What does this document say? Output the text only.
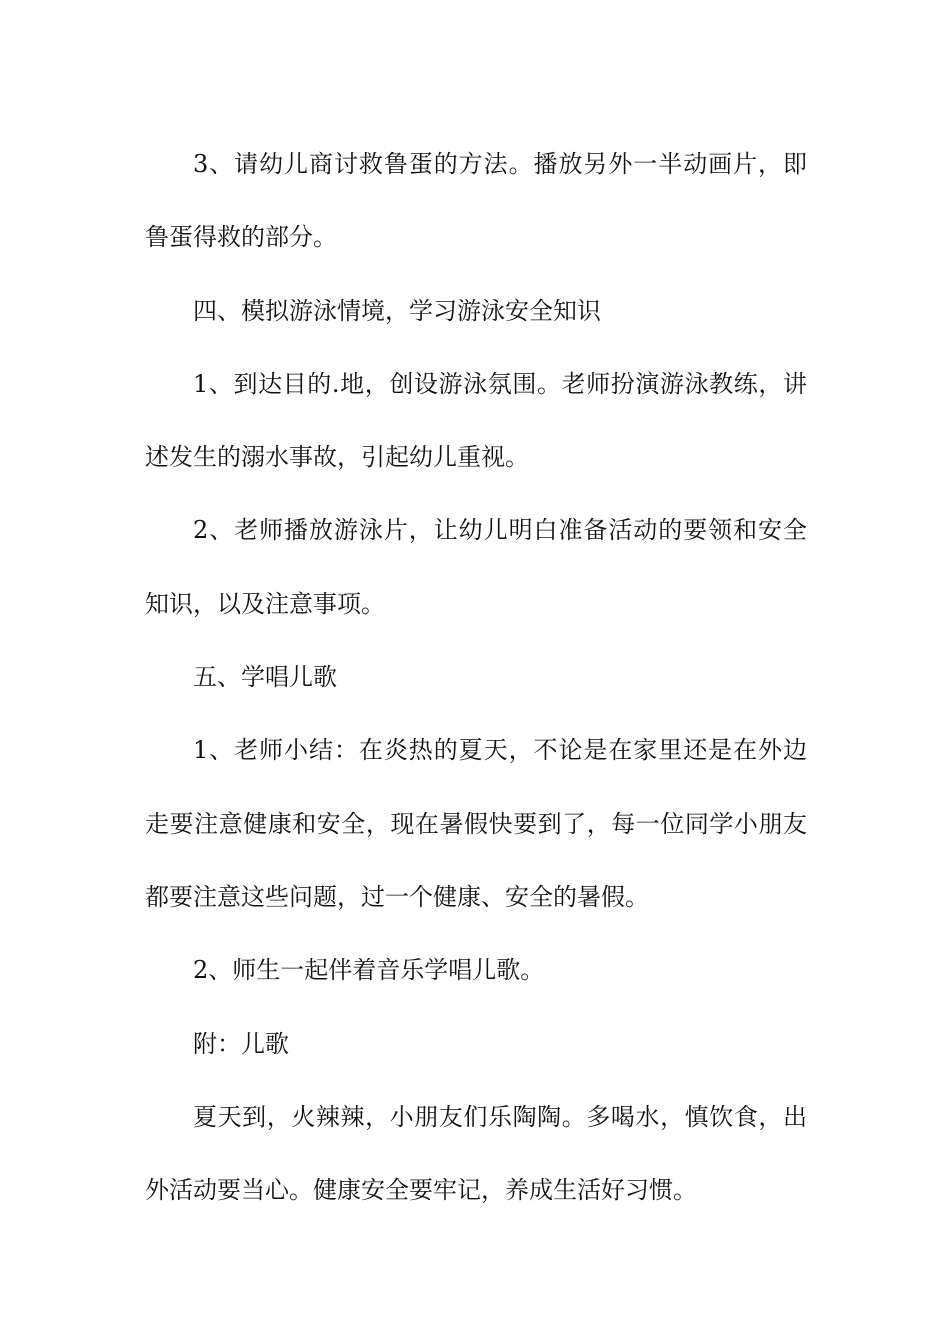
3、请幼儿商讨救鲁蛋的方法。播放另外一半动画片，即鲁蛋得救的部分。

四、模拟游泳情境，学习游泳安全知识

1、到达目的.地，创设游泳氛围。老师扮演游泳教练，讲述发生的溺水事故，引起幼儿重视。

2、老师播放游泳片，让幼儿明白准备活动的要领和安全知识，以及注意事项。

五、学唱儿歌

1、老师小结：在炎热的夏天，不论是在家里还是在外边走要注意健康和安全，现在暑假快要到了，每一位同学小朋友都要注意这些问题，过一个健康、安全的暑假。

2、师生一起伴着音乐学唱儿歌。

附：儿歌

夏天到，火辣辣，小朋友们乐陶陶。多喝水，慎饮食，出外活动要当心。健康安全要牢记，养成生活好习惯。
